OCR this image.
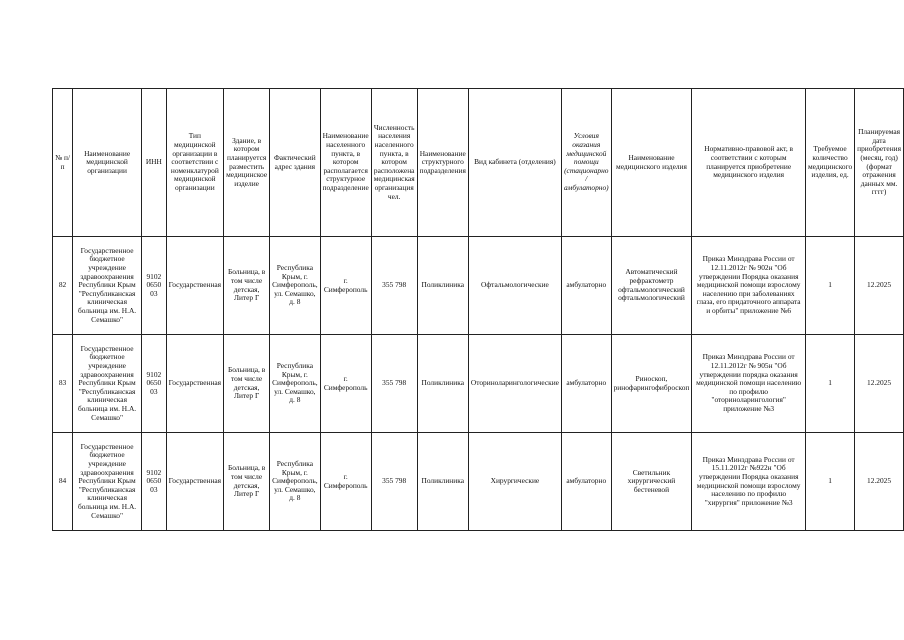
№ п/п	Наименование медицинской организации	ИНН	Тип медицинской организации в соответствии с номенклатурой медицинской организации	Здание, в котором планируется разместить медицинское изделие	Фактический адрес здания	Наименование населенного пункта, в котором располагается структурное подразделение	Численность населения населенного пункта, в котором расположена медицинская организация чел.	Наименование структурного подразделения	Вид кабинета (отделения)	Условия оказания медицинской помощи (стационарно / амбулаторно)	Наименование медицинского изделия	Нормативно-правовой акт, в соответствии с которым планируется приобретение медицинского изделия	Требуемое количество медицинского изделия, ед.	Планируемая дата приобретения (месяц, год) (формат отражения данных мм. гггг)
82	Государственное бюджетное учреждение здравоохранения Республики Крым "Республиканская клиническая больница им. Н.А. Семашко"	9102 0650 03	Государственная	Больница, в том числе детская, Литер Г	Республика Крым, г. Симферополь, ул. Семашко, д. 8	г. Симферополь	355 798	Поликлиника	Офтальмологические	амбулаторно	Автоматический рефрактометр офтальмологический офтальмологический	Приказ Минздрава России от 12.11.2012г № 902н "Об утверждении Порядка оказания медицинской помощи взрослому населению при заболеваниях глаза, его придаточного аппарата и орбиты" приложение №6	1	12.2025
83	Государственное бюджетное учреждение здравоохранения Республики Крым "Республиканская клиническая больница им. Н.А. Семашко"	9102 0650 03	Государственная	Больница, в том числе детская, Литер Г	Республика Крым, г. Симферополь, ул. Семашко, д. 8	г. Симферополь	355 798	Поликлиника	Оториноларингологические	амбулаторно	Риноскоп, ринофарингофиброскоп	Приказ Минздрава России от 12.11.2012г № 905н "Об утверждении порядка оказания медицинской помощи населению по профилю "оториноларингология" приложение №3	1	12.2025
84	Государственное бюджетное учреждение здравоохранения Республики Крым "Республиканская клиническая больница им. Н.А. Семашко"	9102 0650 03	Государственная	Больница, в том числе детская, Литер Г	Республика Крым, г. Симферополь, ул. Семашко, д. 8	г. Симферополь	355 798	Поликлиника	Хирургические	амбулаторно	Светильник хирургический бестеневой	Приказ Минздрава России от 15.11.2012г №922н "Об утверждении Порядка оказания медицинской помощи взрослому населению по профилю "хирургия" приложение №3	1	12.2025
